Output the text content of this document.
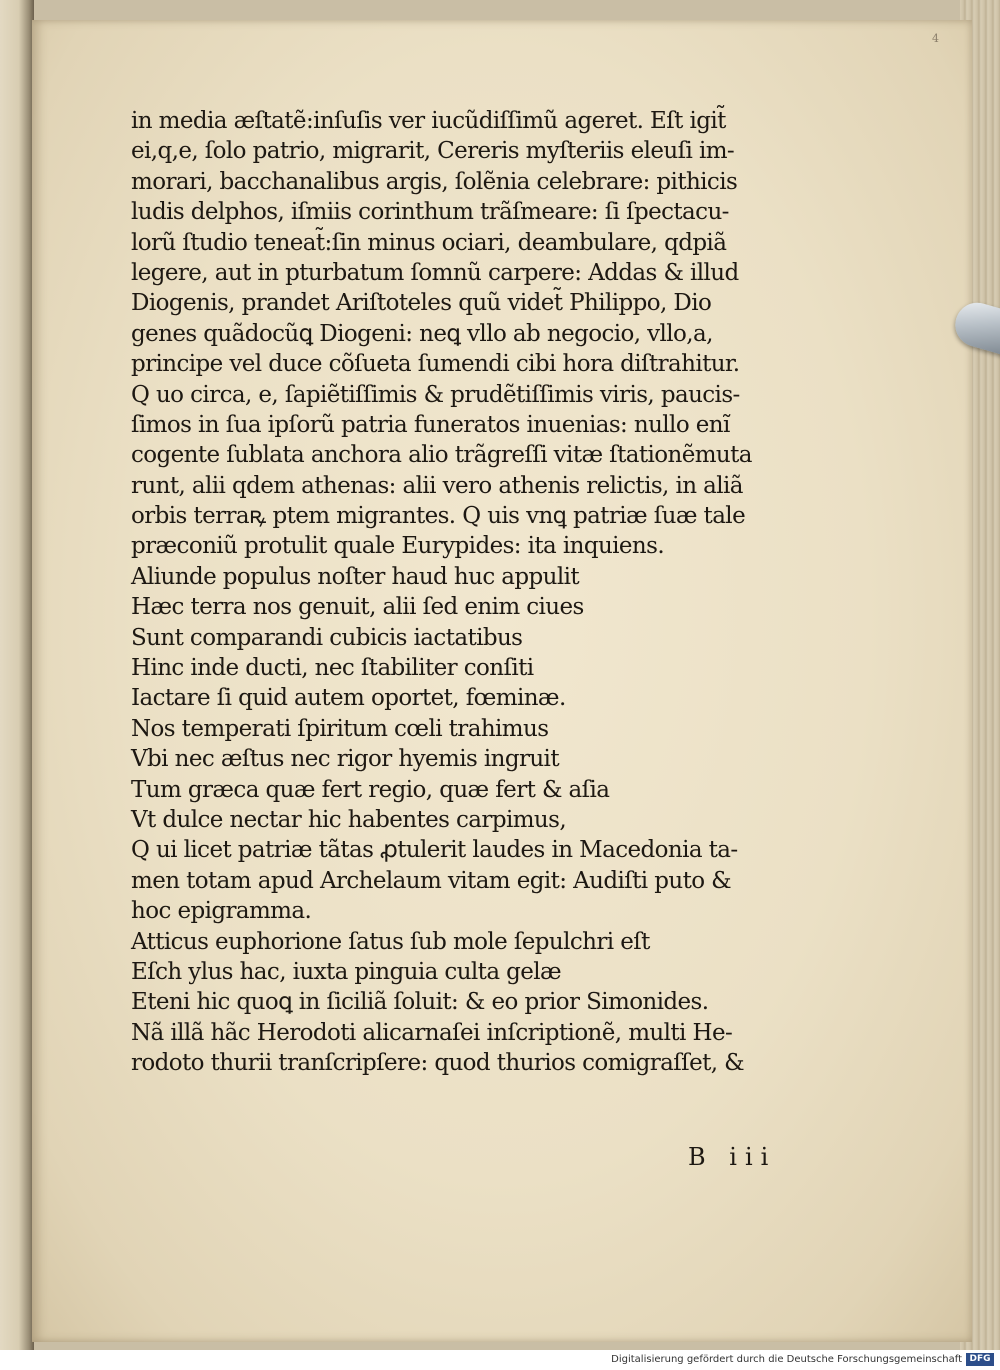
4
in media æſtatẽ:inſuſis ver iucũdiſſimũ ageret. Eſt igit̃
ei,q,e, ſolo patrio, migrarit, Cereris myſteriis eleuſi im-
morari, bacchanalibus argis, ſolẽnia celebrare: pithicis
ludis delphos, iſmiis corinthum trãſmeare: ſi ſpectacu-
lorũ ſtudio teneat̃:ſin minus ociari, deambulare, qdpiã
legere, aut in pturbatum ſomnũ carpere: Addas & illud
Diogenis, prandet Ariſtoteles quũ videt̃ Philippo, Dio
genes quãdocũꝗ Diogeni: neꝗ vllo ab negocio, vllo,a,
principe vel duce cõſueta ſumendi cibi hora diſtrahitur.
Q uo circa, e, ſapiẽtiſſimis & prudẽtiſſimis viris, paucis-
ſimos in ſua ipſorũ patria funeratos inuenias: nullo enĩ
cogente ſublata anchora alio trãgreſſi vitæ ſtationẽmuta
runt, alii qdem athenas: alii vero athenis relictis, in aliã
orbis terraꝶ ptem migrantes. Q uis vnꝗ patriæ ſuæ tale
præconiũ protulit quale Eurypides: ita inquiens.
Aliunde populus noſter haud huc appulit
Hæc terra nos genuit, alii ſed enim ciues
Sunt comparandi cubicis iactatibus
Hinc inde ducti, nec ſtabiliter conſiti
Iactare ſi quid autem oportet, fœminæ.
Nos temperati ſpiritum cœli trahimus
Vbi nec æſtus nec rigor hyemis ingruit
Tum græca quæ fert regio, quæ fert & aſia
Vt dulce nectar hic habentes carpimus,
Q ui licet patriæ tãtas ꝓtulerit laudes in Macedonia ta-
men totam apud Archelaum vitam egit: Audiſti puto &
hoc epigramma.
Atticus euphorione ſatus ſub mole ſepulchri eſt
Eſch ylus hac, iuxta pinguia culta gelæ
Eteni hic quoꝗ in ſiciliã ſoluit: & eo prior Simonides.
Nã illã hãc Herodoti alicarnaſei inſcriptionẽ, multi He-
rodoto thurii tranſcripſere: quod thurios comigraſſet, &
B iii
Digitalisierung gefördert durch die Deutsche Forschungsgemeinschaft DFG
